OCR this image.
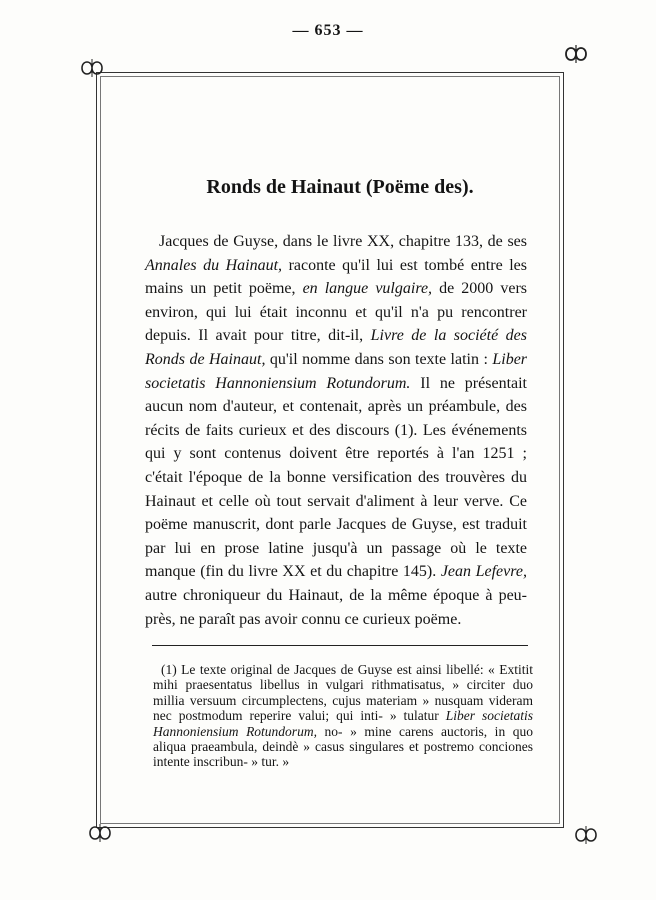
— 653 —
Ronds de Hainaut (Poëme des).

Jacques de Guyse, dans le livre XX, chapitre 133, de ses Annales du Hainaut, raconte qu'il lui est tombé entre les mains un petit poëme, en langue vulgaire, de 2000 vers environ, qui lui était inconnu et qu'il n'a pu rencontrer depuis. Il avait pour titre, dit-il, Livre de la société des Ronds de Hainaut, qu'il nomme dans son texte latin : Liber societatis Hannoniensium Rotundorum. Il ne présentait aucun nom d'auteur, et contenait, après un préambule, des récits de faits curieux et des discours (1). Les événements qui y sont contenus doivent être reportés à l'an 1251 ; c'était l'époque de la bonne versification des trouvères du Hainaut et celle où tout servait d'aliment à leur verve. Ce poëme manuscrit, dont parle Jacques de Guyse, est traduit par lui en prose latine jusqu'à un passage où le texte manque (fin du livre XX et du chapitre 145). Jean Lefevre, autre chroniqueur du Hainaut, de la même époque à peu-près, ne paraît pas avoir connu ce curieux poëme.

(1) Le texte original de Jacques de Guyse est ainsi libellé: « Extitit mihi praesentatus libellus in vulgari rithmatisatus, » circiter duo millia versuum circumplectens, cujus materiam » nusquam videram nec postmodum reperire valui; qui inti- » tulatur Liber societatis Hannoniensium Rotundorum, no- » mine carens auctoris, in quo aliqua praeambula, deindè » casus singulares et postremo conciones intente inscribun- » tur. »
